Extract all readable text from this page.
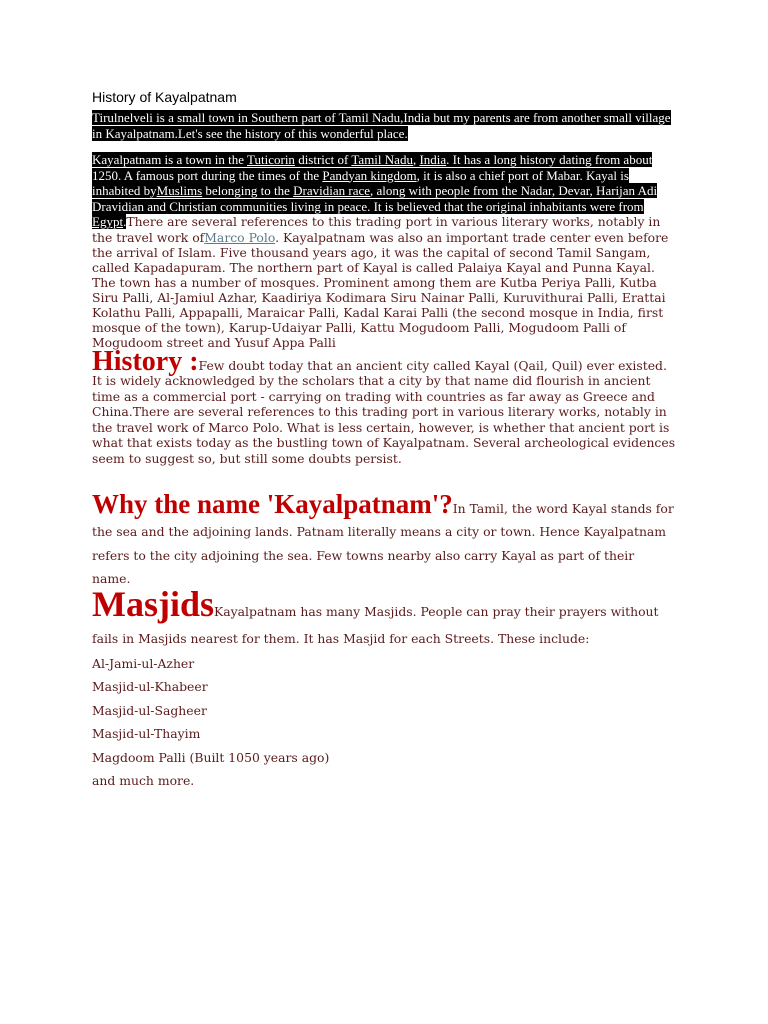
History of Kayalpatnam

Tirulnelveli is a small town in Southern part of Tamil Nadu,India but my parents are from another small village in Kayalpatnam.Let's see the history of this wonderful place.

Kayalpatnam is a town in the Tuticorin district of Tamil Nadu, India. It has a long history dating from about 1250. A famous port during the times of the Pandyan kingdom, it is also a chief port of Mabar. Kayal is inhabited byMuslims belonging to the Dravidian race, along with people from the Nadar, Devar, Harijan Adi Dravidian and Christian communities living in peace. It is believed that the original inhabitants were from Egypt.There are several references to this trading port in various literary works, notably in the travel work ofMarco Polo. Kayalpatnam was also an important trade center even before the arrival of Islam. Five thousand years ago, it was the capital of second Tamil Sangam, called Kapadapuram. The northern part of Kayal is called Palaiya Kayal and Punna Kayal. The town has a number of mosques. Prominent among them are Kutba Periya Palli, Kutba Siru Palli, Al-Jamiul Azhar, Kaadiriya Kodimara Siru Nainar Palli, Kuruvithurai Palli, Erattai Kolathu Palli, Appapalli, Maraicar Palli, Kadal Karai Palli (the second mosque in India, first mosque of the town), Karup-Udaiyar Palli, Kattu Mogudoom Palli, Mogudoom Palli of Mogudoom street and Yusuf Appa Palli

History :Few doubt today that an ancient city called Kayal (Qail, Quil) ever existed. It is widely acknowledged by the scholars that a city by that name did flourish in ancient time as a commercial port - carrying on trading with countries as far away as Greece and China.There are several references to this trading port in various literary works, notably in the travel work of Marco Polo. What is less certain, however, is whether that ancient port is what that exists today as the bustling town of Kayalpatnam. Several archeological evidences seem to suggest so, but still some doubts persist.

Why the name 'Kayalpatnam'?In Tamil, the word Kayal stands for the sea and the adjoining lands. Patnam literally means a city or town. Hence Kayalpatnam refers to the city adjoining the sea. Few towns nearby also carry Kayal as part of their name.

MasjidsKayalpatnam has many Masjids. People can pray their prayers without fails in Masjids nearest for them. It has Masjid for each Streets. These include:

Al-Jami-ul-Azher
Masjid-ul-Khabeer
Masjid-ul-Sagheer
Masjid-ul-Thayim
Magdoom Palli (Built 1050 years ago)
and much more.
